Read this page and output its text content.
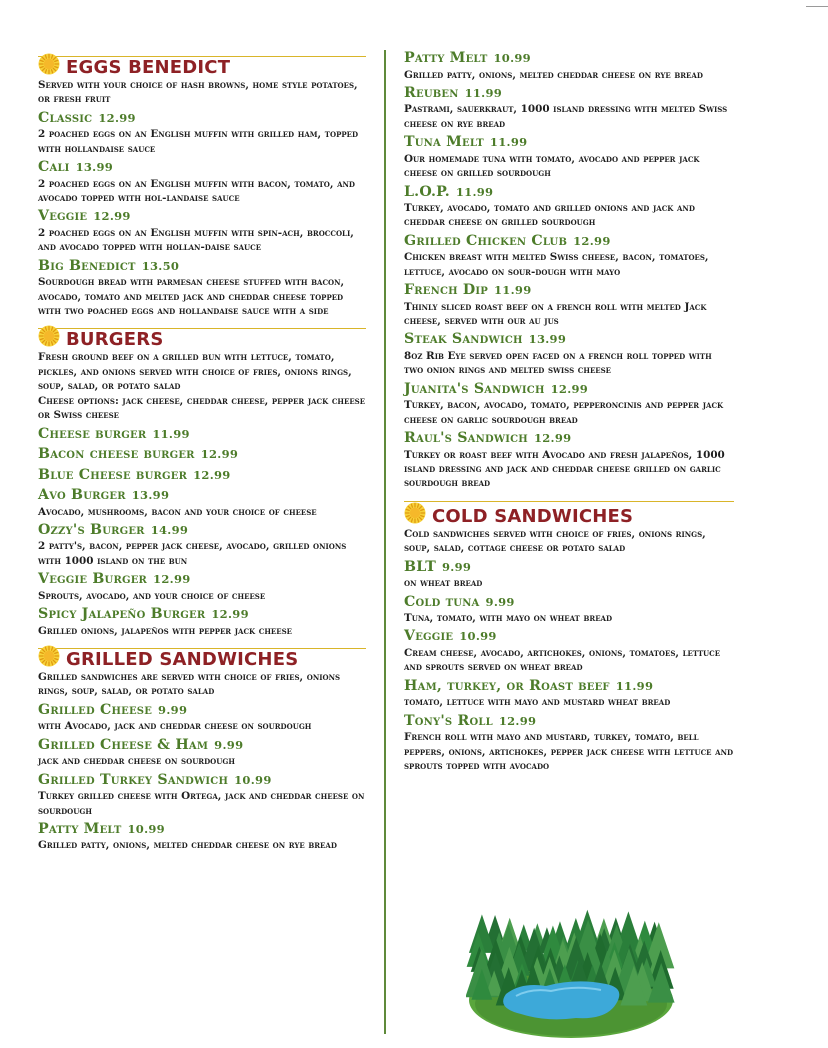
EGGS BENEDICT
Served with your choice of hash browns, home style potatoes, or fresh fruit
Classic 12.99
2 poached eggs on an English muffin with grilled ham, topped with hollandaise sauce
Cali 13.99
2 poached eggs on an English muffin with bacon, tomato, and avocado topped with hol-landaise sauce
Veggie 12.99
2 poached eggs on an English muffin with spin-ach, broccoli, and avocado topped with hollan-daise sauce
Big Benedict 13.50
Sourdough bread with parmesan cheese stuffed with bacon, avocado, tomato and melted jack and cheddar cheese topped with two poached eggs and hollandaise sauce with a side
BURGERS
Fresh ground beef on a grilled bun with lettuce, tomato, pickles, and onions served with choice of fries, onions rings, soup, salad, or potato salad
Cheese options: jack cheese, cheddar cheese, pepper jack cheese or Swiss cheese
Cheese burger 11.99
Bacon cheese burger 12.99
Blue Cheese burger 12.99
Avo Burger 13.99
Avocado, mushrooms, bacon and your choice of cheese
Ozzy's Burger 14.99
2 patty's, bacon, pepper jack cheese, avocado, grilled onions with 1000 island on the bun
Veggie Burger 12.99
Sprouts, avocado, and your choice of cheese
Spicy Jalapeño Burger 12.99
Grilled onions, jalapeños with pepper jack cheese
GRILLED SANDWICHES
Grilled sandwiches are served with choice of fries, onions rings, soup, salad, or potato salad
Grilled Cheese 9.99
with Avocado, jack and cheddar cheese on sourdough
Grilled Cheese & Ham 9.99
jack and cheddar cheese on sourdough
Grilled Turkey Sandwich 10.99
Turkey grilled cheese with Ortega, jack and cheddar cheese on sourdough
Patty Melt 10.99
Grilled patty, onions, melted cheddar cheese on rye bread
Patty Melt 10.99
Grilled patty, onions, melted cheddar cheese on rye bread
Reuben 11.99
Pastrami, sauerkraut, 1000 island dressing with melted Swiss cheese on rye bread
Tuna Melt 11.99
Our homemade tuna with tomato, avocado and pepper jack cheese on grilled sourdough
L.O.P. 11.99
Turkey, avocado, tomato and grilled onions and jack and cheddar cheese on grilled sourdough
Grilled Chicken Club 12.99
Chicken breast with melted Swiss cheese, bacon, tomatoes, lettuce, avocado on sour-dough with mayo
French Dip 11.99
Thinly sliced roast beef on a french roll with melted Jack cheese, served with our au jus
Steak Sandwich 13.99
8oz Rib Eye served open faced on a french roll topped with two onion rings and melted swiss cheese
Juanita's Sandwich 12.99
Turkey, bacon, avocado, tomato, pepperoncinis and pepper jack cheese on garlic sourdough bread
Raul's Sandwich 12.99
Turkey or roast beef with Avocado and fresh jalapeños, 1000 island dressing and jack and cheddar cheese grilled on garlic sourdough bread
COLD SANDWICHES
Cold sandwiches served with choice of fries, onions rings, soup, salad, cottage cheese or potato salad
BLT 9.99
on wheat bread
Cold tuna 9.99
Tuna, tomato, with mayo on wheat bread
Veggie 10.99
Cream cheese, avocado, artichokes, onions, tomatoes, lettuce and sprouts served on wheat bread
Ham, turkey, or Roast beef 11.99
tomato, lettuce with mayo and mustard wheat bread
Tony's Roll 12.99
French roll with mayo and mustard, turkey, tomato, bell peppers, onions, artichokes, pepper jack cheese with lettuce and sprouts topped with avocado
